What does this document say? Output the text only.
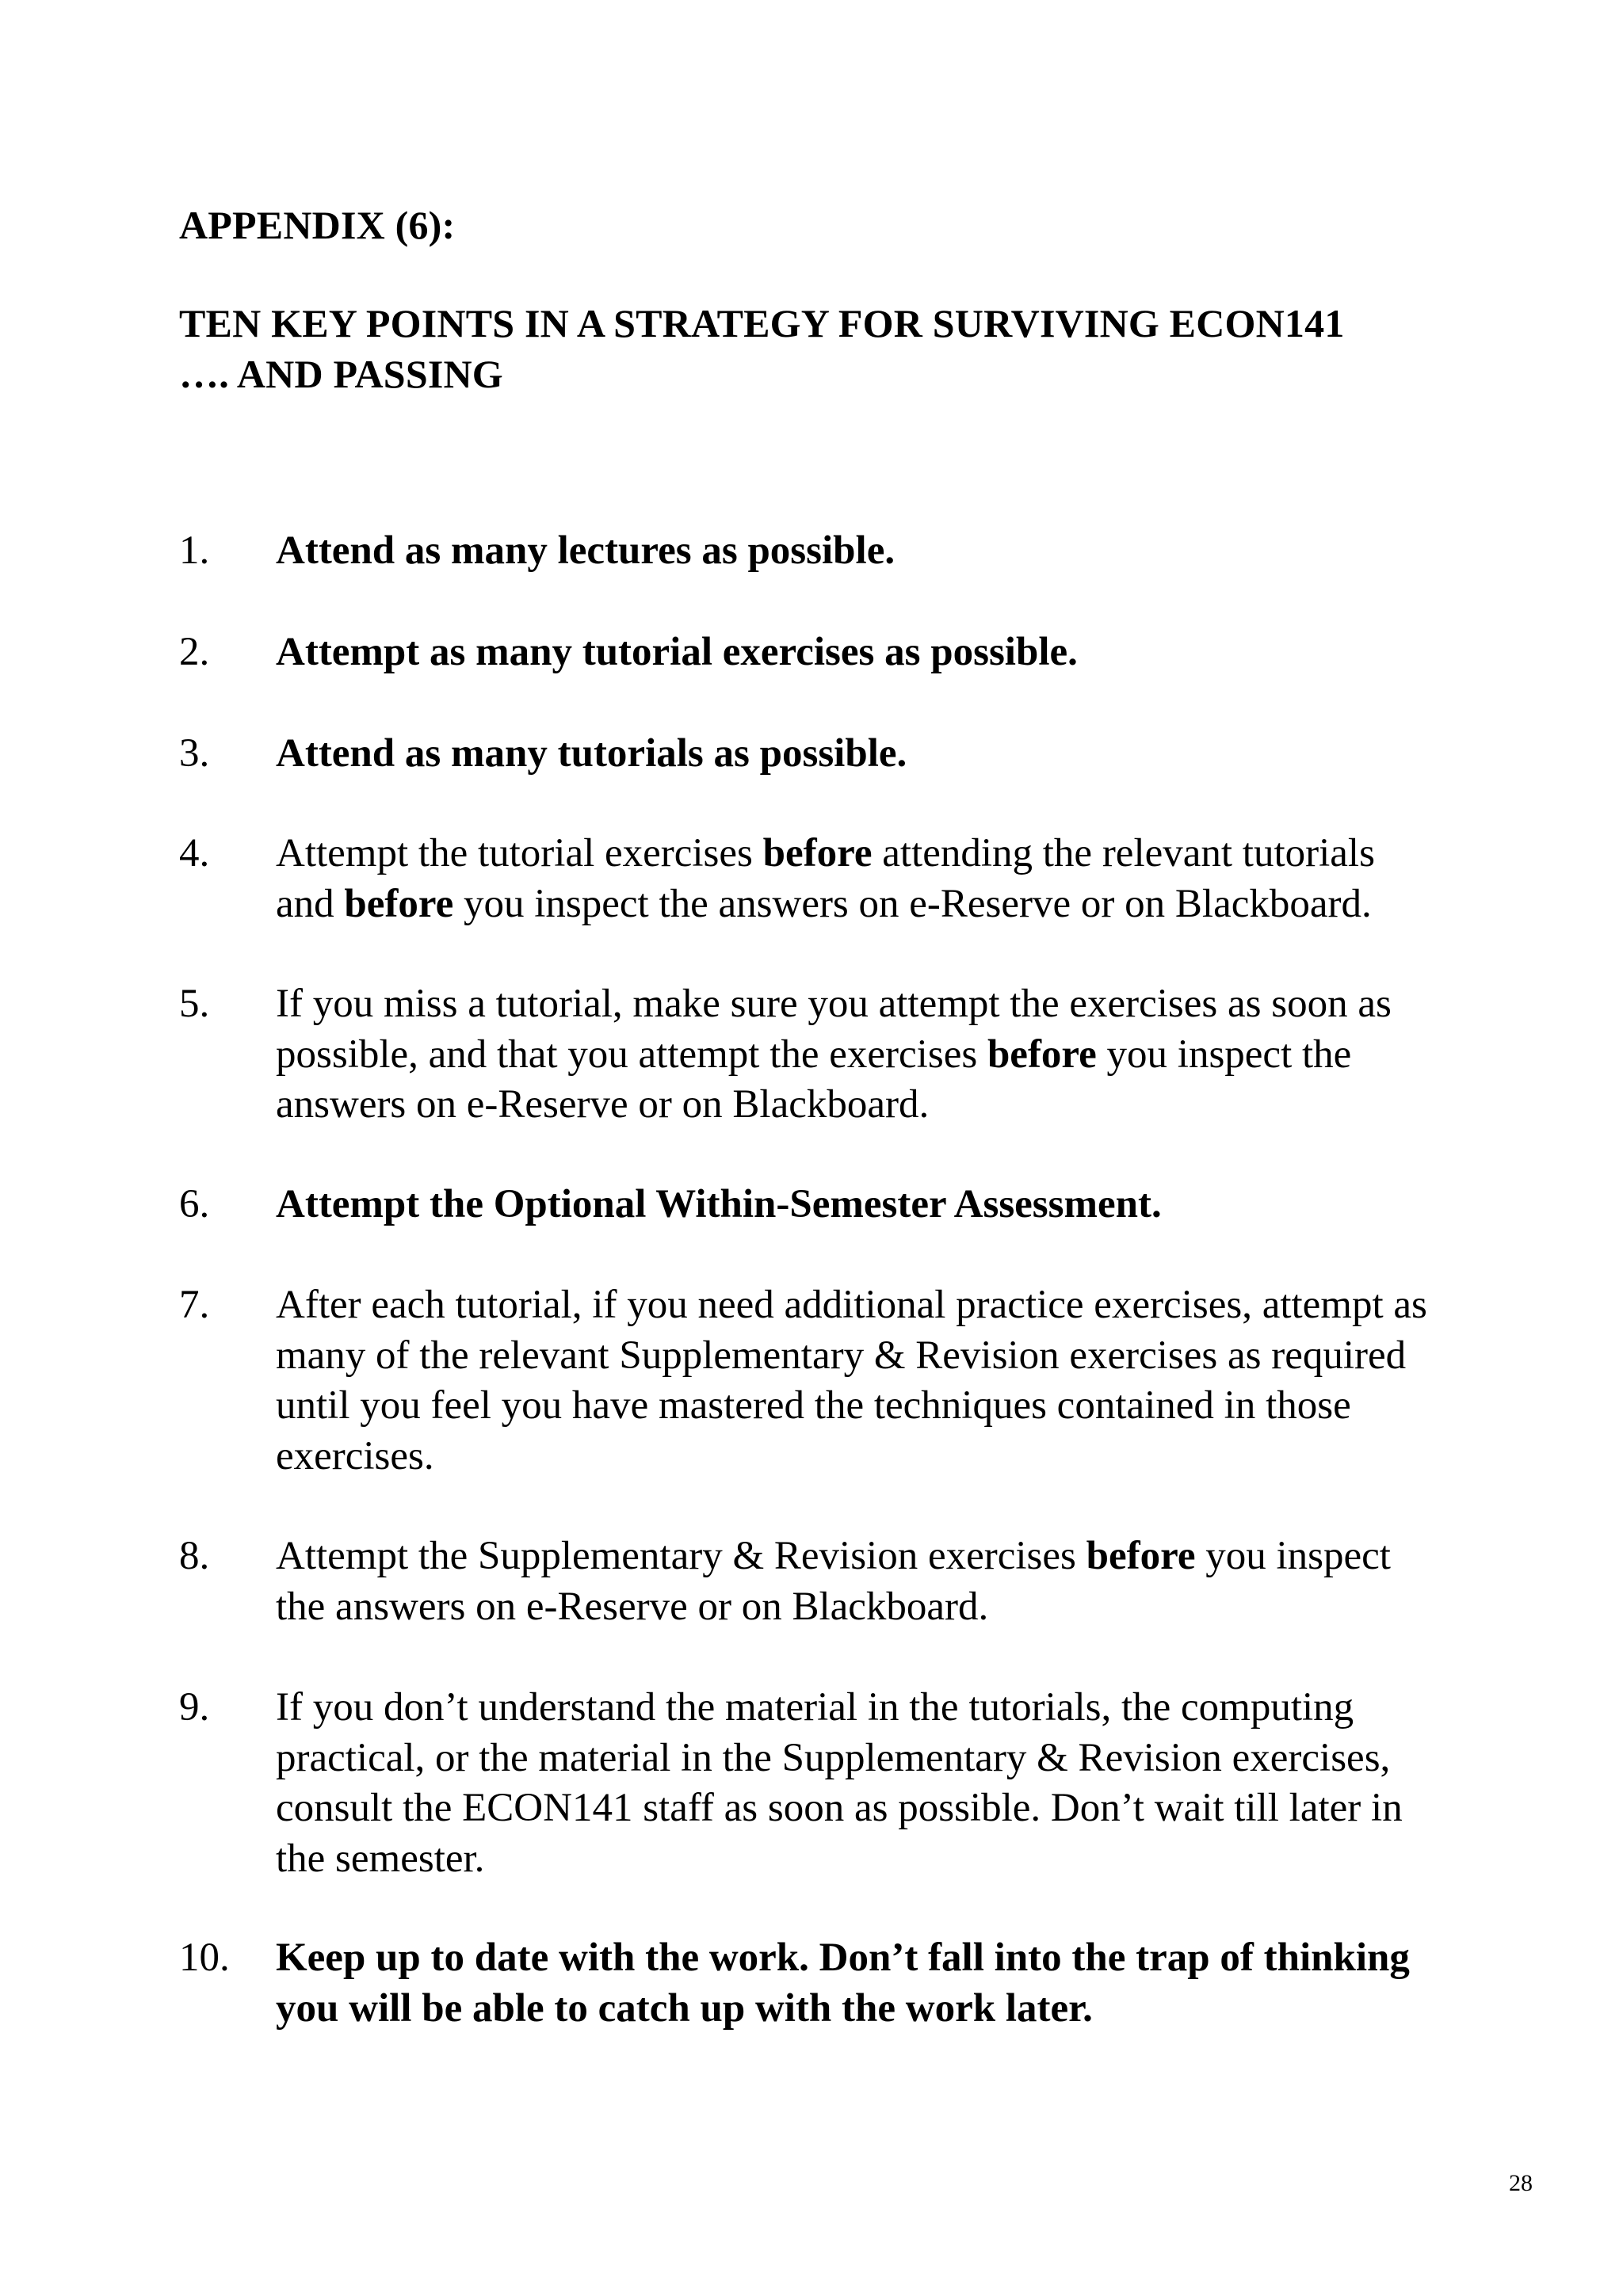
APPENDIX (6):
TEN KEY POINTS IN A STRATEGY FOR SURVIVING ECON141
…. AND PASSING
1.	Attend as many lectures as possible.
2.	Attempt as many tutorial exercises as possible.
3.	Attend as many tutorials as possible.
4.	Attempt the tutorial exercises before attending the relevant tutorials
and before you inspect the answers on e-Reserve or on Blackboard.
5.	If you miss a tutorial, make sure you attempt the exercises as soon as
possible, and that you attempt the exercises before you inspect the
answers on e-Reserve or on Blackboard.
6.	Attempt the Optional Within-Semester Assessment.
7.	After each tutorial, if you need additional practice exercises, attempt as
many of the relevant Supplementary & Revision exercises as required
until you feel you have mastered the techniques contained in those
exercises.
8.	Attempt the Supplementary & Revision exercises before you inspect
the answers on e-Reserve or on Blackboard.
9.	If you don’t understand the material in the tutorials, the computing
practical, or the material in the Supplementary & Revision exercises,
consult the ECON141 staff as soon as possible. Don’t wait till later in
the semester.
10.	Keep up to date with the work. Don’t fall into the trap of thinking
you will be able to catch up with the work later.
28
